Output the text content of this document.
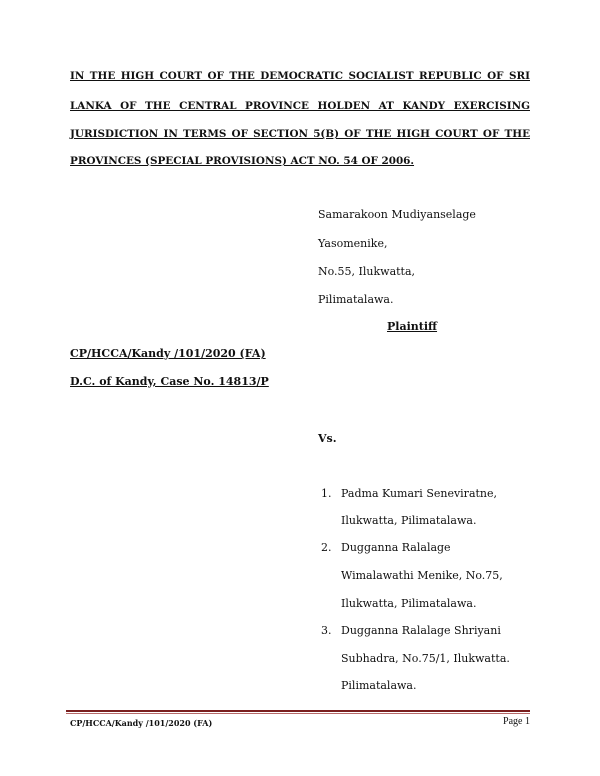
IN THE HIGH COURT OF THE DEMOCRATIC SOCIALIST REPUBLIC OF SRI
LANKA OF THE CENTRAL PROVINCE HOLDEN AT KANDY EXERCISING
JURISDICTION IN TERMS OF SECTION 5(B) OF THE HIGH COURT OF THE
PROVINCES (SPECIAL PROVISIONS) ACT NO. 54 OF 2006.
Samarakoon Mudiyanselage
Yasomenike,
No.55, Ilukwatta,
Pilimatalawa.
Plaintiff
CP/HCCA/Kandy /101/2020 (FA)
D.C. of Kandy, Case No. 14813/P
Vs.
1. Padma Kumari Seneviratne,
Ilukwatta, Pilimatalawa.
2. Dugganna Ralalage
Wimalawathi Menike, No.75,
Ilukwatta, Pilimatalawa.
3. Dugganna Ralalage Shriyani
Subhadra, No.75/1, Ilukwatta.
Pilimatalawa.
CP/HCCA/Kandy /101/2020 (FA)	Page 1
